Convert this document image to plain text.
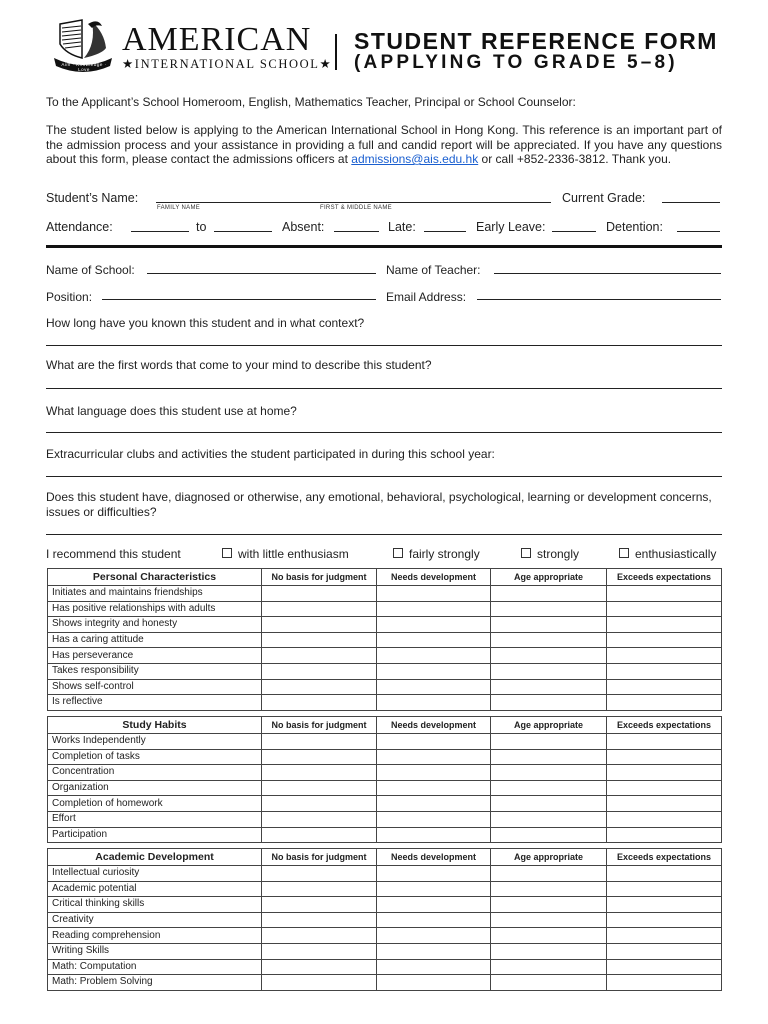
Aim · Knowledge · Love
AMERICAN
★INTERNATIONAL SCHOOL★
STUDENT REFERENCE FORM
(APPLYING TO GRADE 5–8)
To the Applicant’s School Homeroom, English, Mathematics Teacher, Principal or School Counselor:
The student listed below is applying to the American International School in Hong Kong. This reference is an important part of the admission process and your assistance in providing a full and candid report will be appreciated. If you have any questions about this form, please contact the admissions officers at admissions@ais.edu.hk or call +852-2336-3812. Thank you.
Student’s Name:
FAMILY NAME	FIRST & MIDDLE NAME
Current Grade:
Attendance:	to	Absent:	Late:	Early Leave:	Detention:
Name of School:	Name of Teacher:
Position:	Email Address:
How long have you known this student and in what context?
What are the first words that come to your mind to describe this student?
What language does this student use at home?
Extracurricular clubs and activities the student participated in during this school year:
Does this student have, diagnosed or otherwise, any emotional, behavioral, psychological, learning or development concerns, issues or difficulties?
I recommend this student	with little enthusiasm	fairly strongly	strongly	enthusiastically
Personal Characteristics	No basis for judgment	Needs development	Age appropriate	Exceeds expectations
Initiates and maintains friendships				
Has positive relationships with adults				
Shows integrity and honesty				
Has a caring attitude				
Has perseverance				
Takes responsibility				
Shows self-control				
Is reflective				
Study Habits	No basis for judgment	Needs development	Age appropriate	Exceeds expectations
Works Independently				
Completion of tasks				
Concentration				
Organization				
Completion of homework				
Effort				
Participation				
Academic Development	No basis for judgment	Needs development	Age appropriate	Exceeds expectations
Intellectual curiosity				
Academic potential				
Critical thinking skills				
Creativity				
Reading comprehension				
Writing Skills				
Math: Computation				
Math: Problem Solving				
